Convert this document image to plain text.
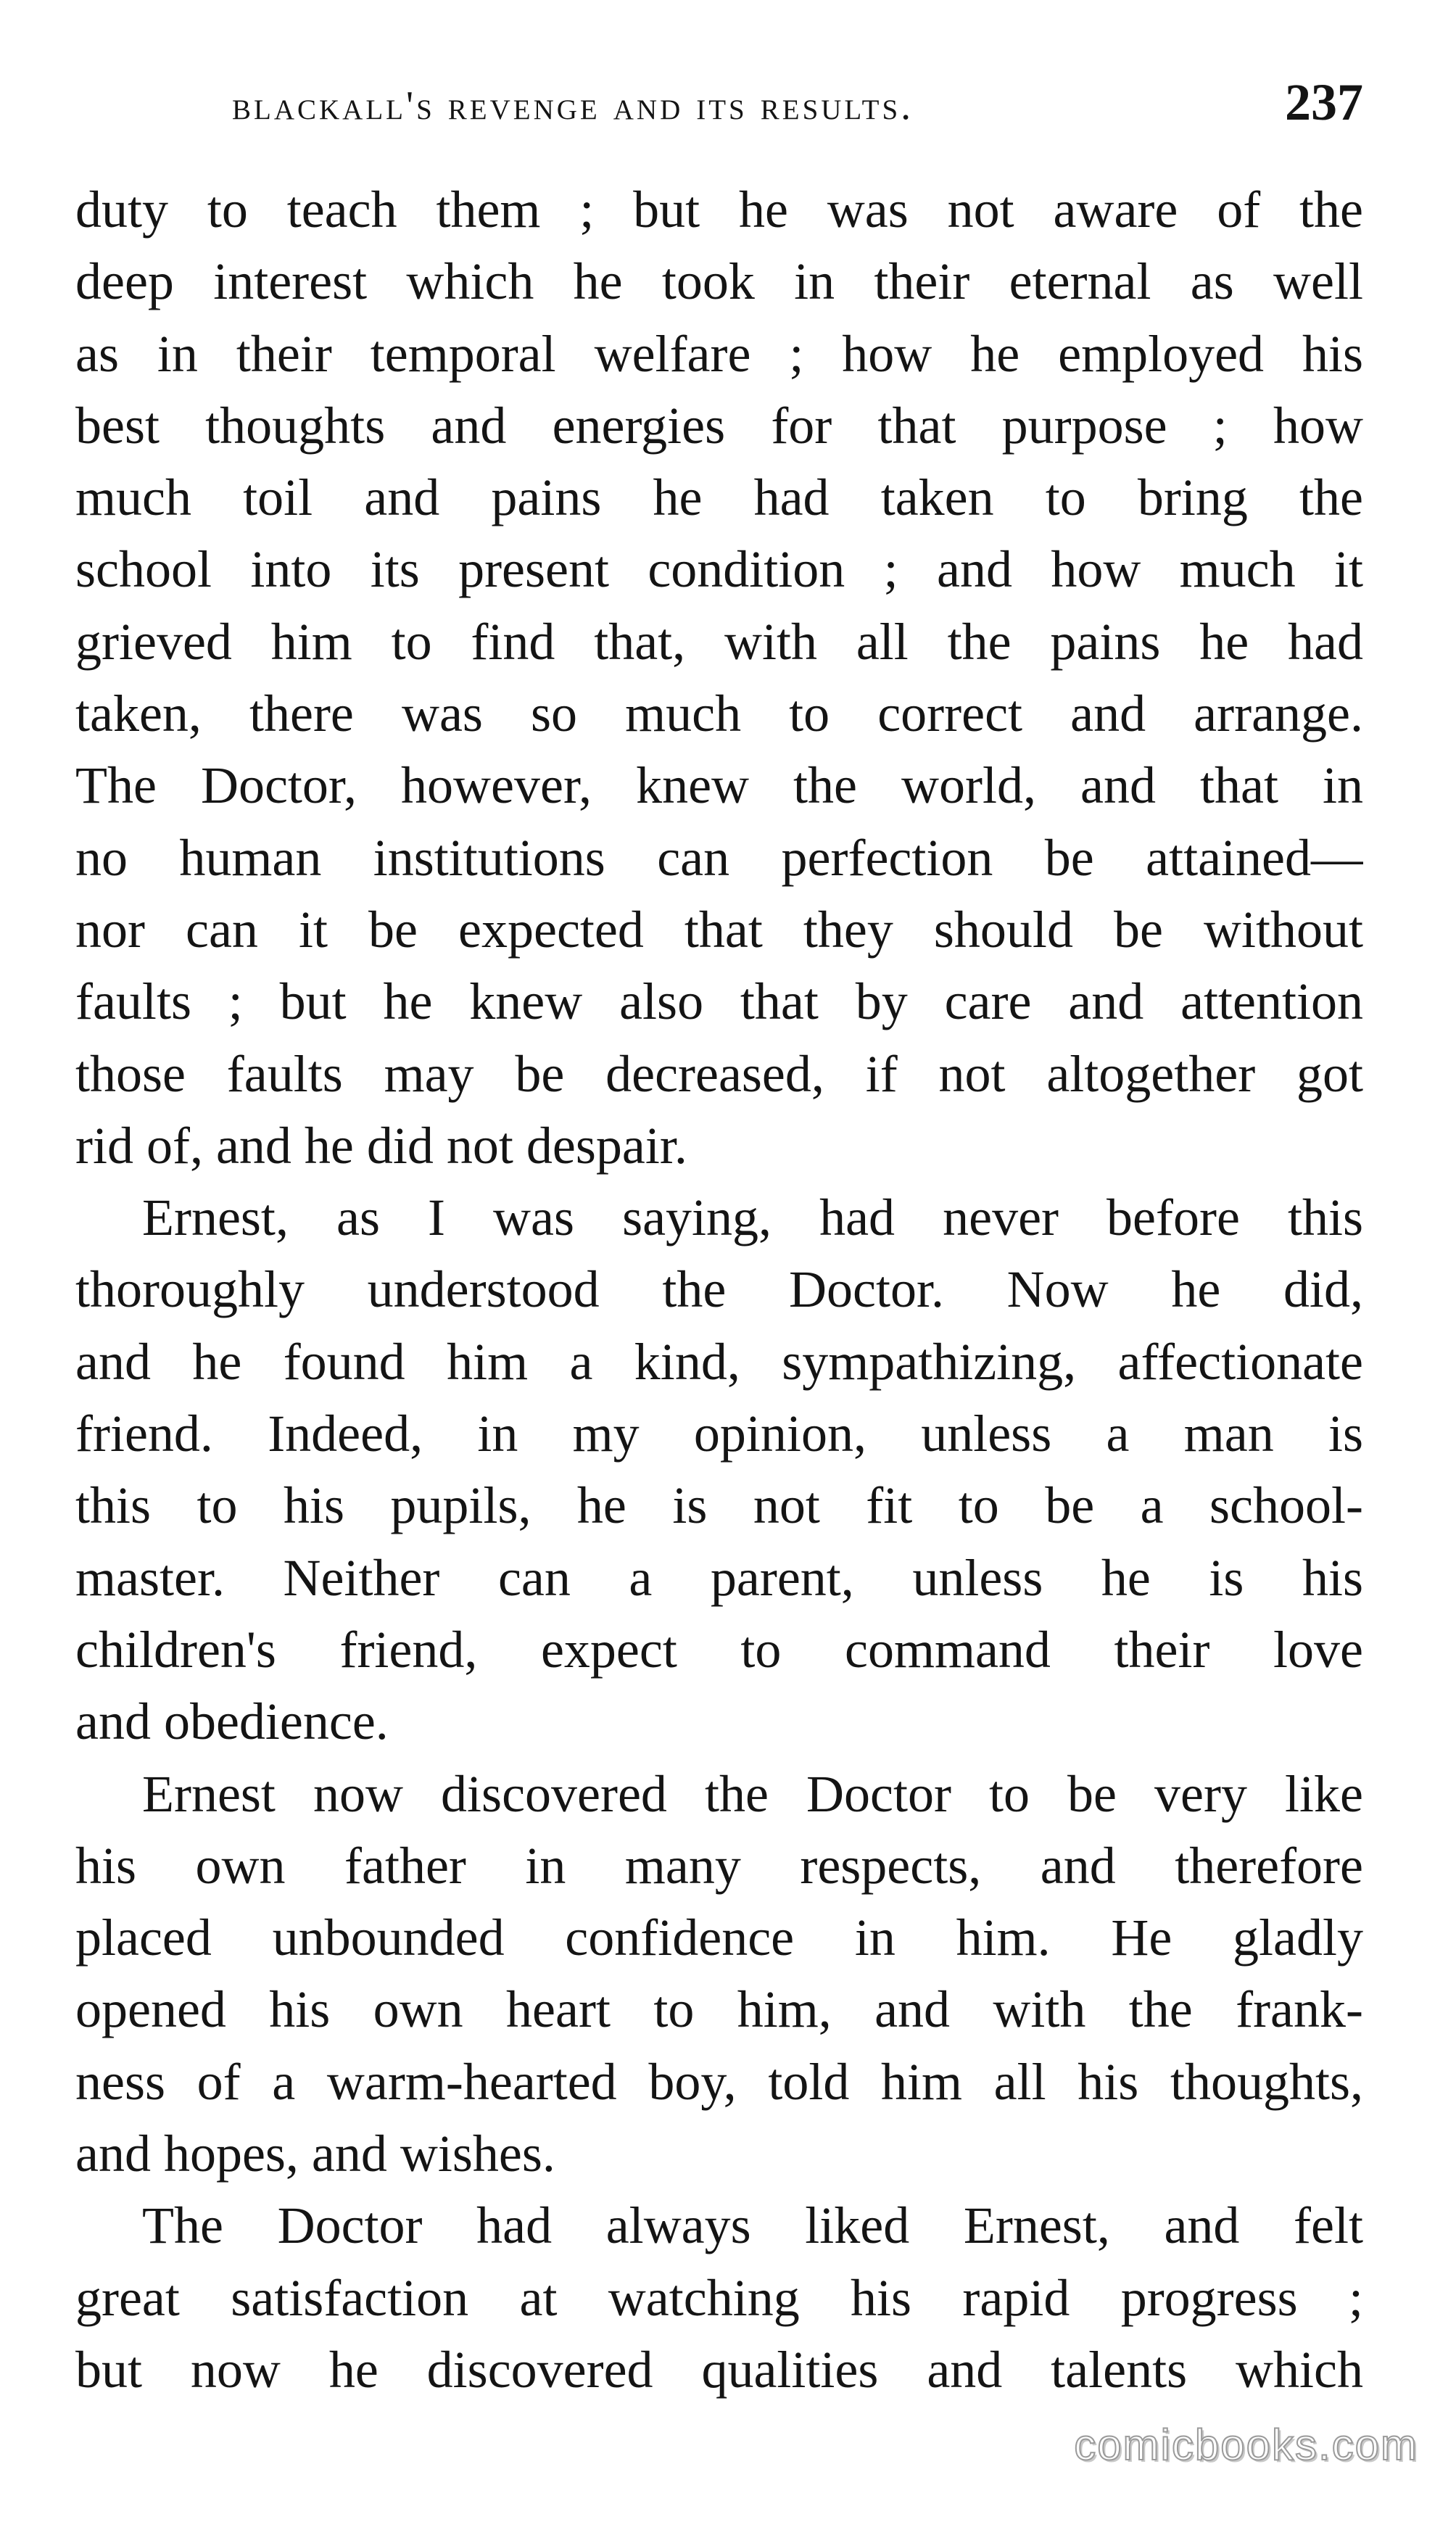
blackall's revenge and its results.	237
duty to teach them ; but he was not aware of the
deep interest which he took in their eternal as well
as in their temporal welfare ; how he employed his
best thoughts and energies for that purpose ; how
much toil and pains he had taken to bring the
school into its present condition ; and how much it
grieved him to find that, with all the pains he had
taken, there was so much to correct and arrange.
The Doctor, however, knew the world, and that in
no human institutions can perfection be attained—
nor can it be expected that they should be without
faults ; but he knew also that by care and attention
those faults may be decreased, if not altogether got
rid of, and he did not despair.
Ernest, as I was saying, had never before this
thoroughly understood the Doctor. Now he did,
and he found him a kind, sympathizing, affectionate
friend. Indeed, in my opinion, unless a man is
this to his pupils, he is not fit to be a school-
master. Neither can a parent, unless he is his
children's friend, expect to command their love
and obedience.
Ernest now discovered the Doctor to be very like
his own father in many respects, and therefore
placed unbounded confidence in him. He gladly
opened his own heart to him, and with the frank-
ness of a warm-hearted boy, told him all his thoughts,
and hopes, and wishes.
The Doctor had always liked Ernest, and felt
great satisfaction at watching his rapid progress ;
but now he discovered qualities and talents which
comicbooks.com
